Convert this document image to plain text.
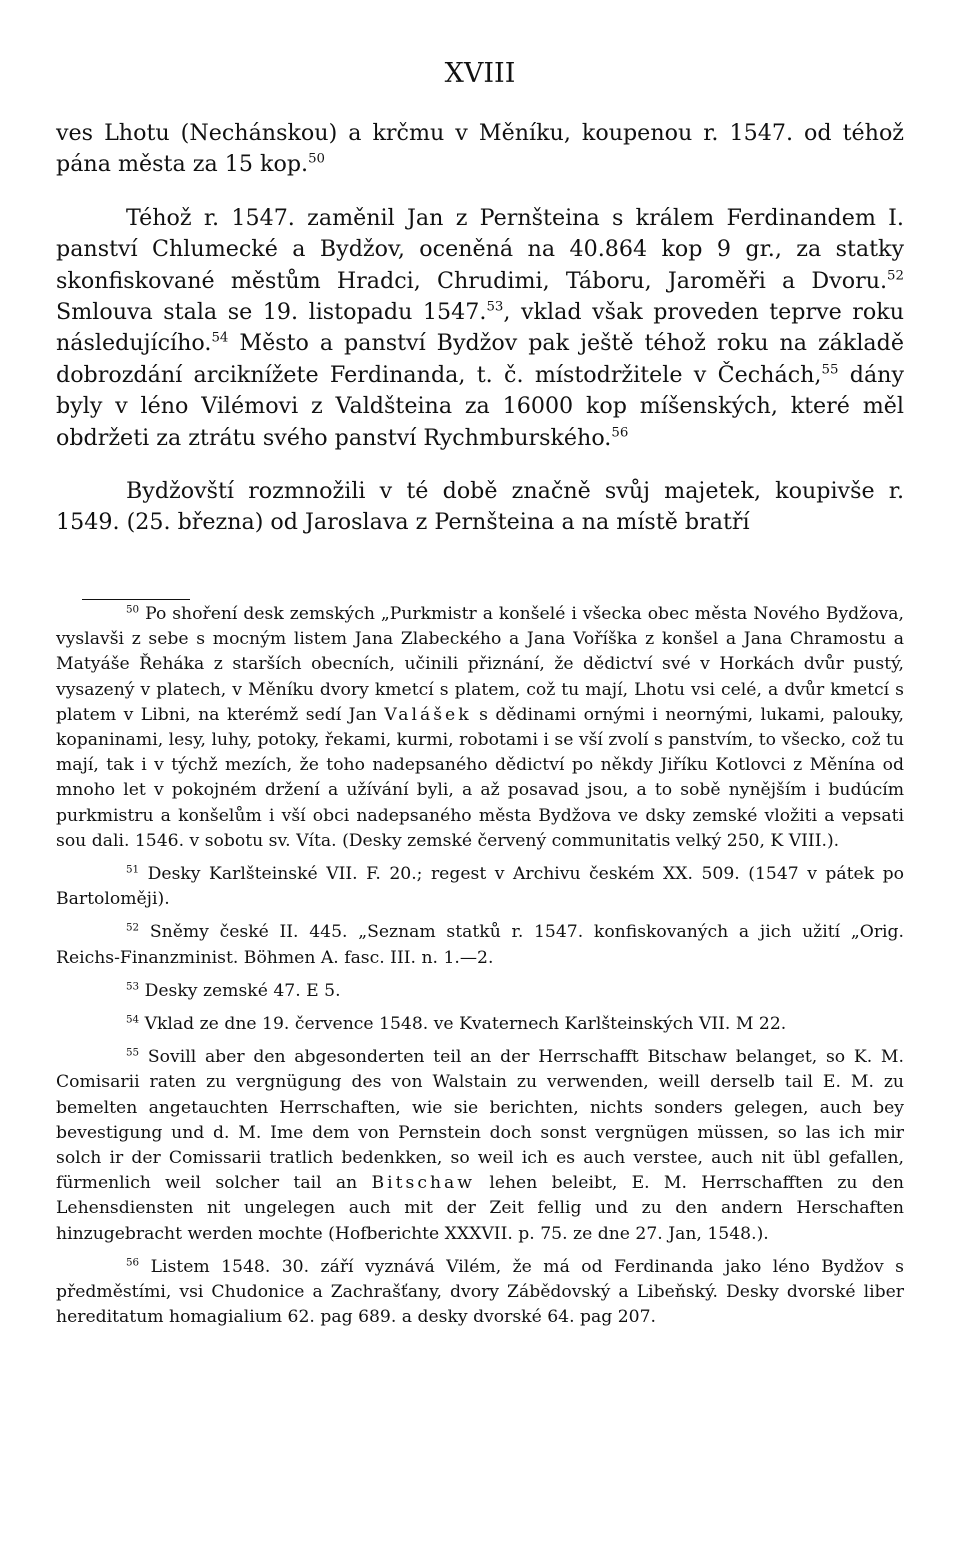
XVIII

ves Lhotu (Nechánskou) a krčmu v Měníku, koupenou r. 1547. od téhož pána města za 15 kop.$^{50}$

Téhož r. 1547. zaměnil Jan z Pernšteina s králem Ferdinandem I. panství Chlumecké a Bydžov, oceněná na 40.864 kop 9 gr., za statky skonfiskované městům Hradci, Chrudimi, Táboru, Jaroměři a Dvoru.$^{52}$ Smlouva stala se 19. listopadu 1547.53, vklad však proveden teprve roku následujícího.$^{54}$ Město a panství Bydžov pak ještě téhož roku na základě dobrozdání arciknížete Ferdinanda, t. č. místodržitele v Čechách,$^{55}$ dány byly v léno Vilémovi z Valdšteina za 16000 kop míšenských, které měl obdržeti za ztrátu svého panství Rychmburského.$^{56}$

Bydžovští rozmnožili v té době značně svůj majetek, koupivše r. 1549. (25. března) od Jaroslava z Pernšteina a na místě bratří

$^{50}$ Po shoření desk zemských „Purkmistr a konšelé i všecka obec města Nového Bydžova, vyslavši z sebe s mocným listem Jana Zlabeckého a Jana Voříška z konšel a Jana Chramostu a Matyáše Řeháka z starších obecních, učinili přiznání, že dědictví své v Horkách dvůr pustý, vysazený v platech, v Měníku dvory kmetcí s platem, což tu mají, Lhotu vsi celé, a dvůr kmetcí s platem v Libni, na kterémž sedí Jan Valášek s dědinami ornými i neornými, lukami, palouky, kopaninami, lesy, luhy, potoky, řekami, kurmi, robotami i se vší zvolí s panstvím, to všecko, což tu mají, tak i v týchž mezích, že toho nadepsaného dědictví po někdy Jiříku Kotlovci z Měnína od mnoho let v pokojném držení a užívání byli, a až posavad jsou, a to sobě nynějším i budúcím purkmistru a konšelům i vší obci nadepsaného města Bydžova ve dsky zemské vložiti a vepsati sou dali. 1546. v sobotu sv. Víta. (Desky zemské červený communitatis velký 250, K VIII.).

$^{51}$ Desky Karlšteinské VII. F. 20.; regest v Archivu českém XX. 509. (1547 v pátek po Bartoloměji).

$^{52}$ Sněmy české II. 445. „Seznam statků r. 1547. konfiskovaných a jich užití „Orig. Reichs-Finanzminist. Böhmen A. fasc. III. n. 1.—2.

$^{53}$ Desky zemské 47. E 5.

$^{54}$ Vklad ze dne 19. července 1548. ve Kvaternech Karlšteinských VII. M 22.

$^{55}$ Sovill aber den abgesonderten teil an der Herrschafft Bitschaw belanget, so K. M. Comisarii raten zu vergnügung des von Walstain zu verwenden, weill derselb tail E. M. zu bemelten angetauchten Herrschaften, wie sie berichten, nichts sonders gelegen, auch bey bevestigung und d. M. Ime dem von Pernstein doch sonst vergnügen müssen, so las ich mir solch ir der Comissarii tratlich bedenkken, so weil ich es auch verstee, auch nit übl gefallen, fürmenlich weil solcher tail an Bitschaw lehen beleibt, E. M. Herrschafften zu den Lehensdiensten nit ungelegen auch mit der Zeit fellig und zu den andern Herschaften hinzugebracht werden mochte (Hofberichte XXXVII. p. 75. ze dne 27. Jan, 1548.).

$^{56}$ Listem 1548. 30. září vyznává Vilém, že má od Ferdinanda jako léno Bydžov s předměstími, vsi Chudonice a Zachrašťany, dvory Zábědovský a Libeňský. Desky dvorské liber hereditatum homagialium 62. pag 689. a desky dvorské 64. pag 207.
